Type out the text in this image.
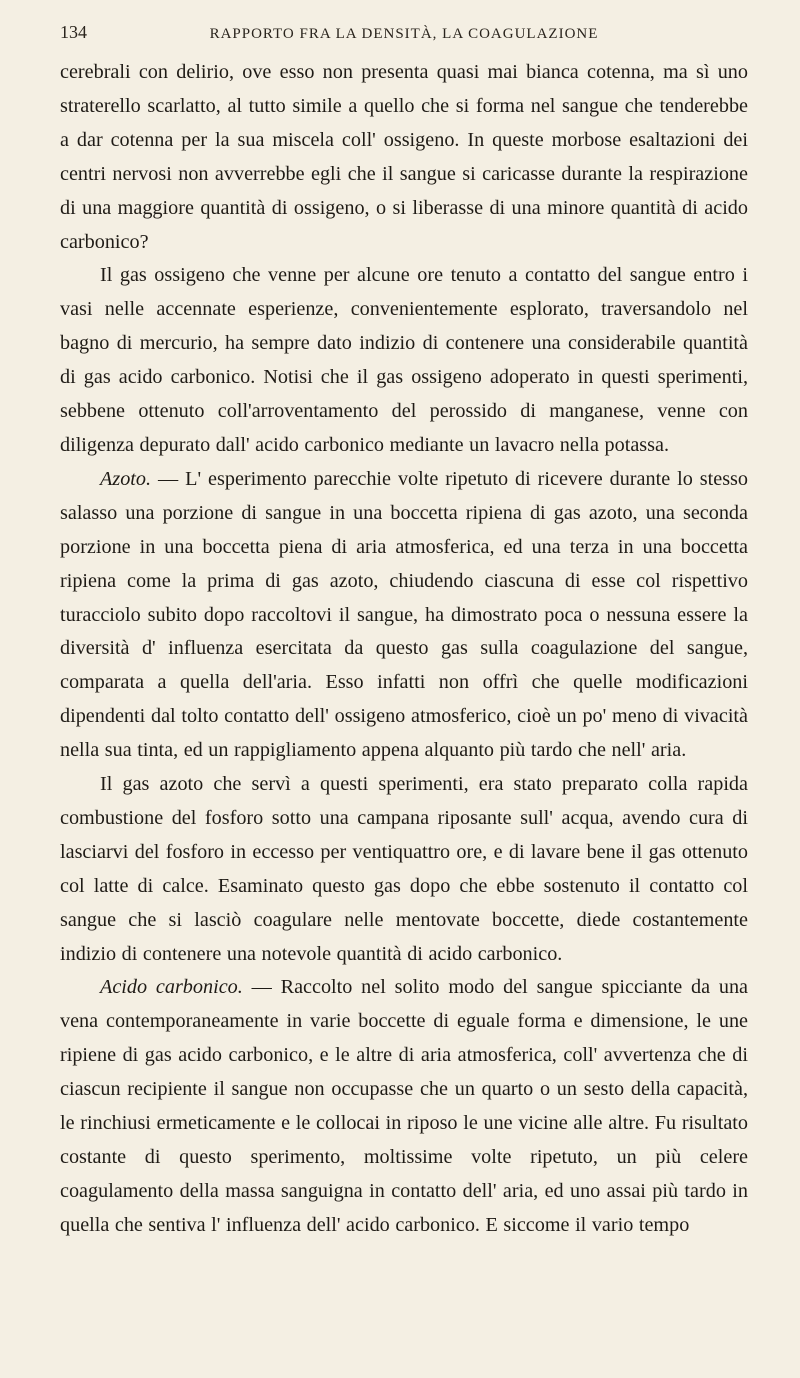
134	RAPPORTO FRA LA DENSITÀ, LA COAGULAZIONE

cerebrali con delirio, ove esso non presenta quasi mai bianca cotenna, ma sì uno straterello scarlatto, al tutto simile a quello che si forma nel sangue che tenderebbe a dar cotenna per la sua miscela coll' ossigeno. In queste morbose esaltazioni dei centri nervosi non avverrebbe egli che il sangue si caricasse durante la respirazione di una maggiore quantità di ossigeno, o si liberasse di una minore quantità di acido carbonico?

Il gas ossigeno che venne per alcune ore tenuto a contatto del sangue entro i vasi nelle accennate esperienze, convenientemente esplorato, traversandolo nel bagno di mercurio, ha sempre dato indizio di contenere una considerabile quantità di gas acido carbonico. Notisi che il gas ossigeno adoperato in questi sperimenti, sebbene ottenuto coll'arroventamento del perossido di manganese, venne con diligenza depurato dall' acido carbonico mediante un lavacro nella potassa.

Azoto. — L' esperimento parecchie volte ripetuto di ricevere durante lo stesso salasso una porzione di sangue in una boccetta ripiena di gas azoto, una seconda porzione in una boccetta piena di aria atmosferica, ed una terza in una boccetta ripiena come la prima di gas azoto, chiudendo ciascuna di esse col rispettivo turacciolo subito dopo raccoltovi il sangue, ha dimostrato poca o nessuna essere la diversità d' influenza esercitata da questo gas sulla coagulazione del sangue, comparata a quella dell'aria. Esso infatti non offrì che quelle modificazioni dipendenti dal tolto contatto dell' ossigeno atmosferico, cioè un po' meno di vivacità nella sua tinta, ed un rappigliamento appena alquanto più tardo che nell' aria.

Il gas azoto che servì a questi sperimenti, era stato preparato colla rapida combustione del fosforo sotto una campana riposante sull' acqua, avendo cura di lasciarvi del fosforo in eccesso per ventiquattro ore, e di lavare bene il gas ottenuto col latte di calce. Esaminato questo gas dopo che ebbe sostenuto il contatto col sangue che si lasciò coagulare nelle mentovate boccette, diede costantemente indizio di contenere una notevole quantità di acido carbonico.

Acido carbonico. — Raccolto nel solito modo del sangue spicciante da una vena contemporaneamente in varie boccette di eguale forma e dimensione, le une ripiene di gas acido carbonico, e le altre di aria atmosferica, coll' avvertenza che di ciascun recipiente il sangue non occupasse che un quarto o un sesto della capacità, le rinchiusi ermeticamente e le collocai in riposo le une vicine alle altre. Fu risultato costante di questo sperimento, moltissime volte ripetuto, un più celere coagulamento della massa sanguigna in contatto dell' aria, ed uno assai più tardo in quella che sentiva l' influenza dell' acido carbonico. E siccome il vario tempo
